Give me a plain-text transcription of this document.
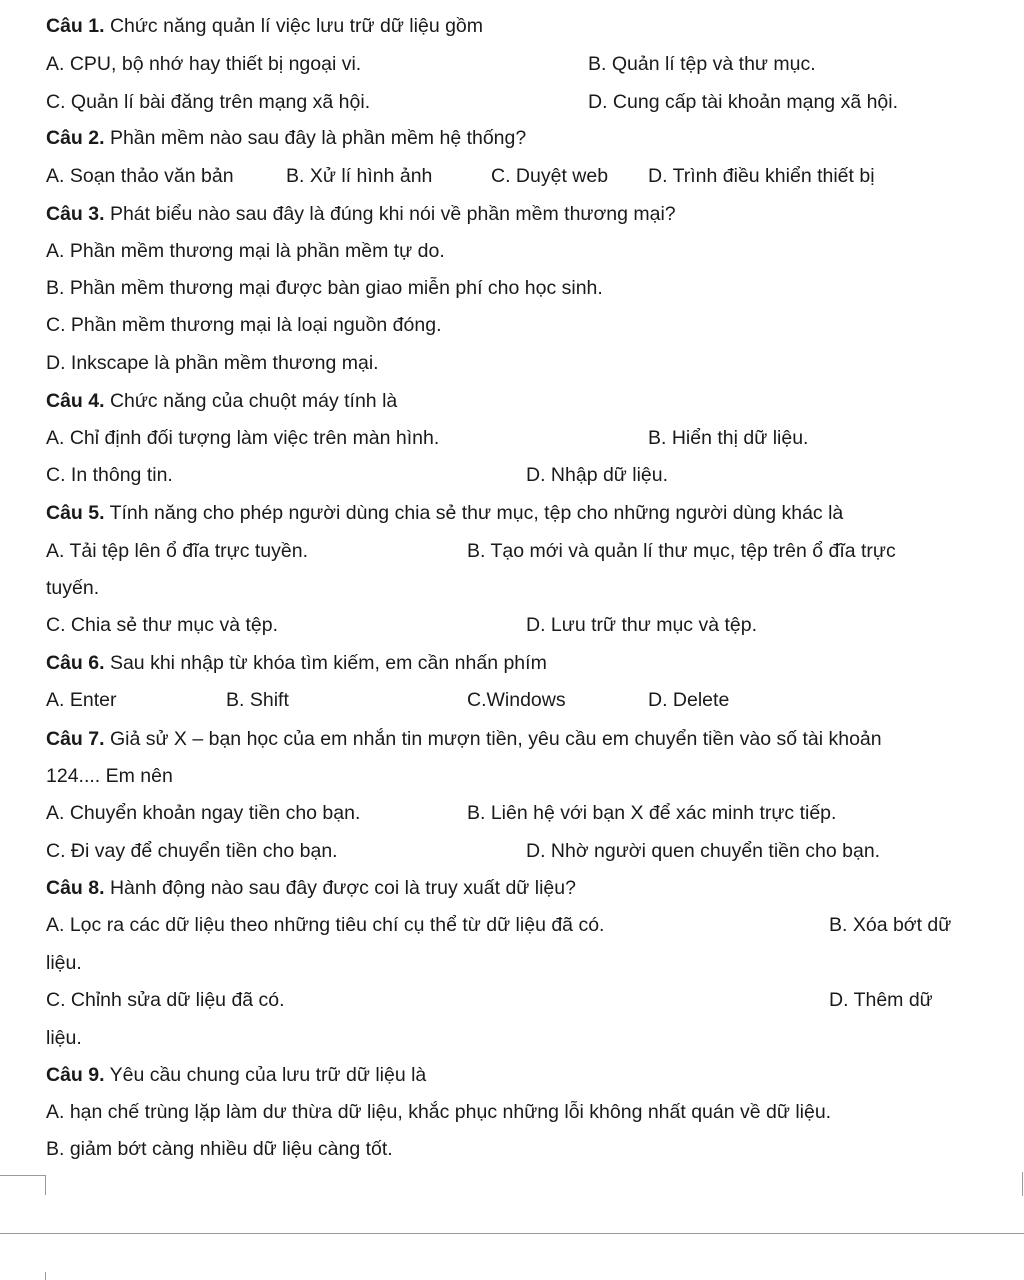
Câu 1. Chức năng quản lí việc lưu trữ dữ liệu gồm
A. CPU, bộ nhớ hay thiết bị ngoại vi.	B. Quản lí tệp và thư mục.
C. Quản lí bài đăng trên mạng xã hội.	D. Cung cấp tài khoản mạng xã hội.
Câu 2. Phần mềm nào sau đây là phần mềm hệ thống?
A. Soạn thảo văn bản	B. Xử lí hình ảnh	C. Duyệt web D. Trình điều khiển thiết bị
Câu 3. Phát biểu nào sau đây là đúng khi nói về phần mềm thương mại?
A. Phần mềm thương mại là phần mềm tự do.
B. Phần mềm thương mại được bàn giao miễn phí cho học sinh.
C. Phần mềm thương mại là loại nguồn đóng.
D. Inkscape là phần mềm thương mại.
Câu 4. Chức năng của chuột máy tính là
A. Chỉ định đối tượng làm việc trên màn hình.	B. Hiển thị dữ liệu.
C. In thông tin.	D. Nhập dữ liệu.
Câu 5. Tính năng cho phép người dùng chia sẻ thư mục, tệp cho những người dùng khác là
A. Tải tệp lên ổ đĩa trực tuyền.	B. Tạo mới và quản lí thư mục, tệp trên ổ đĩa trực
tuyến.
C. Chia sẻ thư mục và tệp.	D. Lưu trữ thư mục và tệp.
Câu 6. Sau khi nhập từ khóa tìm kiếm, em cần nhấn phím
A. Enter	B. Shift	C.Windows	D. Delete
Câu 7. Giả sử X – bạn học của em nhắn tin mượn tiền, yêu cầu em chuyển tiền vào số tài khoản
124.... Em nên
A. Chuyển khoản ngay tiền cho bạn.	B. Liên hệ với bạn X để xác minh trực tiếp.
C. Đi vay để chuyển tiền cho bạn.	D. Nhờ người quen chuyển tiền cho bạn.
Câu 8. Hành động nào sau đây được coi là truy xuất dữ liệu?
A. Lọc ra các dữ liệu theo những tiêu chí cụ thể từ dữ liệu đã có.	B. Xóa bớt dữ
liệu.
C. Chỉnh sửa dữ liệu đã có.	D. Thêm dữ
liệu.
Câu 9. Yêu cầu chung của lưu trữ dữ liệu là
A. hạn chế trùng lặp làm dư thừa dữ liệu, khắc phục những lỗi không nhất quán về dữ liệu.
B. giảm bớt càng nhiều dữ liệu càng tốt.
